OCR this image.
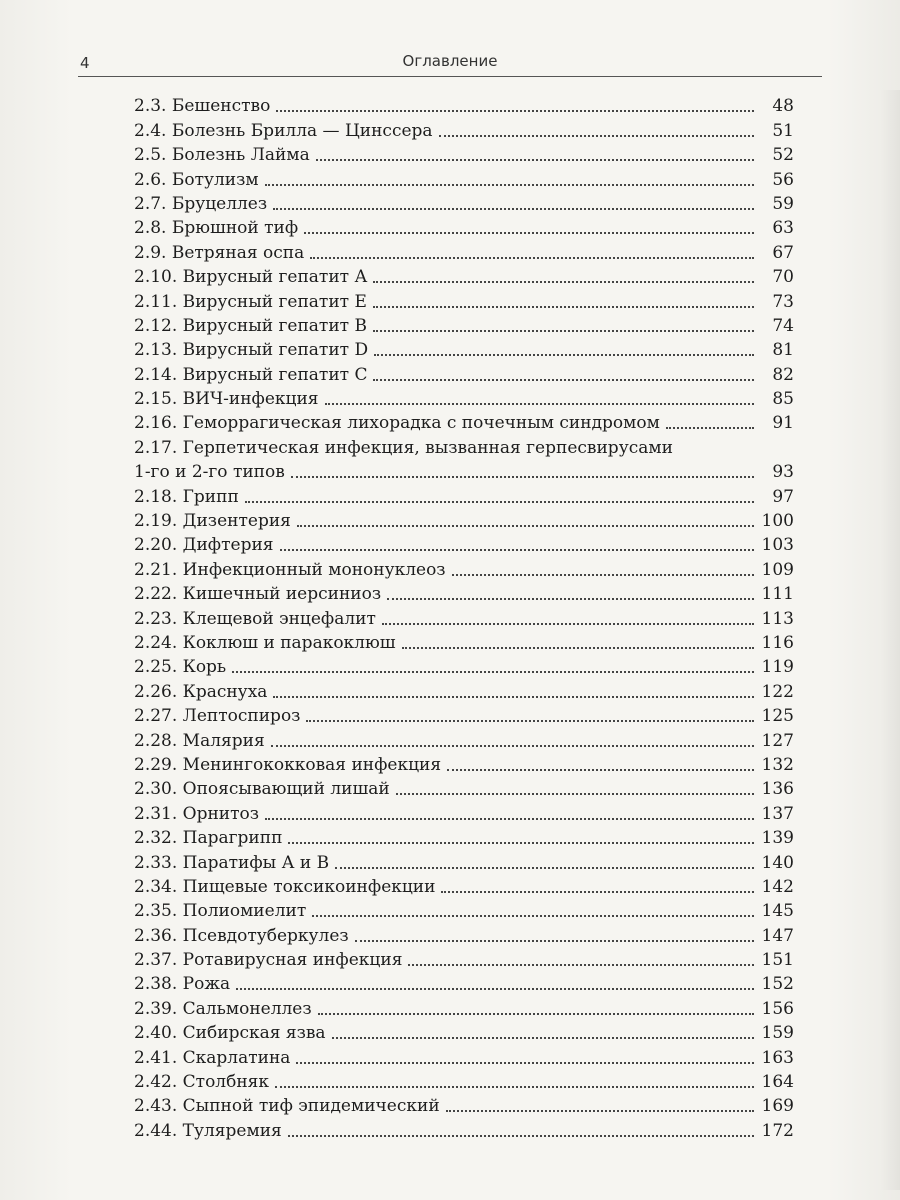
4	Оглавление
2.3. Бешенство	48
2.4. Болезнь Брилла — Цинссера	51
2.5. Болезнь Лайма	52
2.6. Ботулизм	56
2.7. Бруцеллез	59
2.8. Брюшной тиф	63
2.9. Ветряная оспа	67
2.10. Вирусный гепатит А	70
2.11. Вирусный гепатит Е	73
2.12. Вирусный гепатит В	74
2.13. Вирусный гепатит D	81
2.14. Вирусный гепатит С	82
2.15. ВИЧ-инфекция	85
2.16. Геморрагическая лихорадка с почечным синдромом	91
2.17. Герпетическая инфекция, вызванная герпесвирусами
1-го и 2-го типов	93
2.18. Грипп	97
2.19. Дизентерия	100
2.20. Дифтерия	103
2.21. Инфекционный мононуклеоз	109
2.22. Кишечный иерсиниоз	111
2.23. Клещевой энцефалит	113
2.24. Коклюш и паракоклюш	116
2.25. Корь	119
2.26. Краснуха	122
2.27. Лептоспироз	125
2.28. Малярия	127
2.29. Менингококковая инфекция	132
2.30. Опоясывающий лишай	136
2.31. Орнитоз	137
2.32. Парагрипп	139
2.33. Паратифы А и В	140
2.34. Пищевые токсикоинфекции	142
2.35. Полиомиелит	145
2.36. Псевдотуберкулез	147
2.37. Ротавирусная инфекция	151
2.38. Рожа	152
2.39. Сальмонеллез	156
2.40. Сибирская язва	159
2.41. Скарлатина	163
2.42. Столбняк	164
2.43. Сыпной тиф эпидемический	169
2.44. Туляремия	172
